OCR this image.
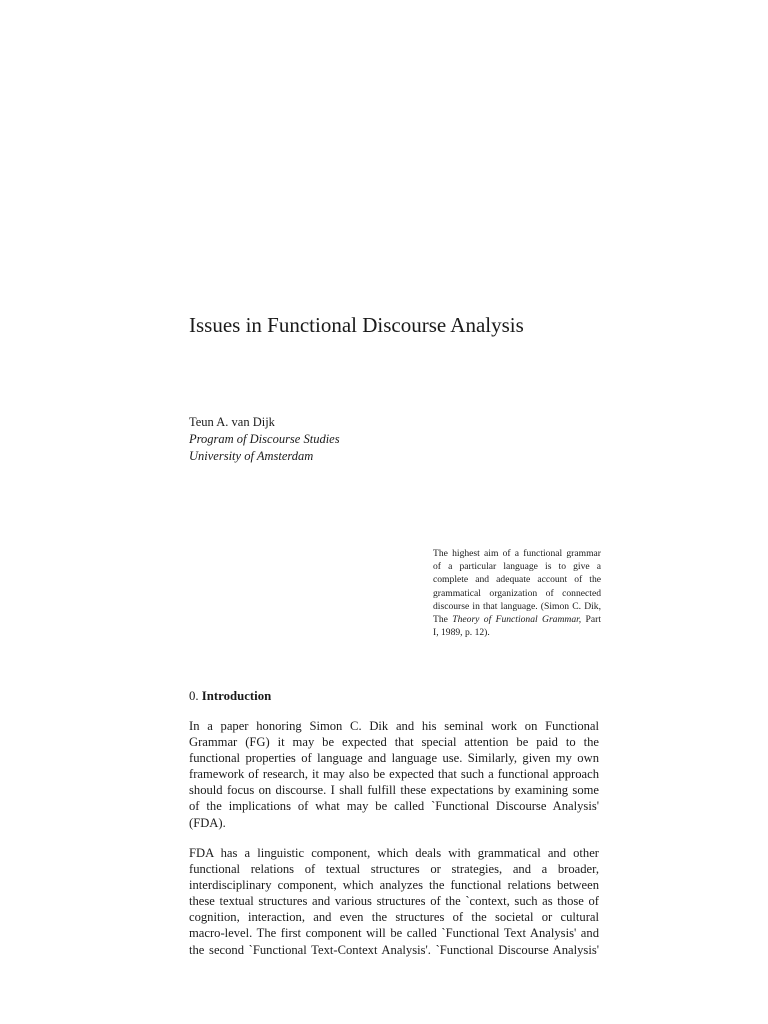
Issues in Functional Discourse Analysis
Teun A. van Dijk
Program of Discourse Studies
University of Amsterdam
The highest aim of a functional grammar
of a particular language is to give a
complete and adequate account of the
grammatical organization of connected
discourse in that language. (Simon C. Dik,
The Theory of Functional Grammar, Part
I, 1989, p. 12).
0. Introduction

In a paper honoring Simon C. Dik and his seminal work on Functional
Grammar (FG) it may be expected that special attention be paid to the
functional properties of language and language use. Similarly, given my own
framework of research, it may also be expected that such a functional approach
should focus on discourse. I shall fulfill these expectations by examining some
of the implications of what may be called `Functional Discourse Analysis'
(FDA).

FDA has a linguistic component, which deals with grammatical and other
functional relations of textual structures or strategies, and a broader,
interdisciplinary component, which analyzes the functional relations between
these textual structures and various structures of the `context, such as those of
cognition, interaction, and even the structures of the societal or cultural
macro-level. The first component will be called `Functional Text Analysis' and
the second `Functional Text-Context Analysis'. `Functional Discourse Analysis'
